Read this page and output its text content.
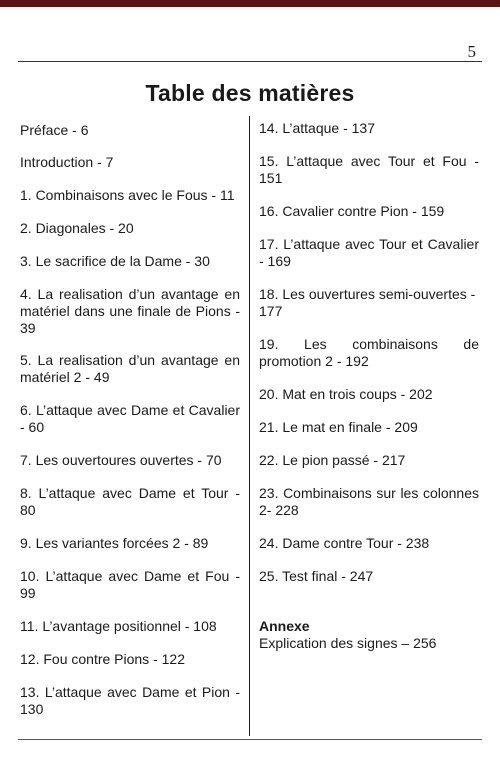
5
Table des matières
Préface - 6
Introduction - 7
1. Combinaisons avec le Fous - 11
2. Diagonales - 20
3. Le sacrifice de la Dame - 30
4. La realisation d’un avantage en matériel dans une finale de Pions - 39
5. La realisation d’un avantage en matériel 2 - 49
6. L’attaque avec Dame et Cavalier - 60
7. Les ouvertoures ouvertes - 70
8. L’attaque avec Dame et Tour - 80
9. Les variantes forcées 2 - 89
10. L’attaque avec Dame et Fou - 99
11. L’avantage positionnel - 108
12. Fou contre Pions - 122
13. L’attaque avec Dame et Pion - 130
14. L’attaque - 137
15. L’attaque avec Tour et Fou - 151
16. Cavalier contre Pion - 159
17. L’attaque avec Tour et Cavalier - 169
18. Les ouvertures semi-ouvertes - 177
19. Les combinaisons de promotion 2 - 192
20. Mat en trois coups - 202
21. Le mat en finale - 209
22. Le pion passé - 217
23. Combinaisons sur les colonnes 2- 228
24. Dame contre Tour - 238
25. Test final - 247
Annexe
Explication des signes – 256
